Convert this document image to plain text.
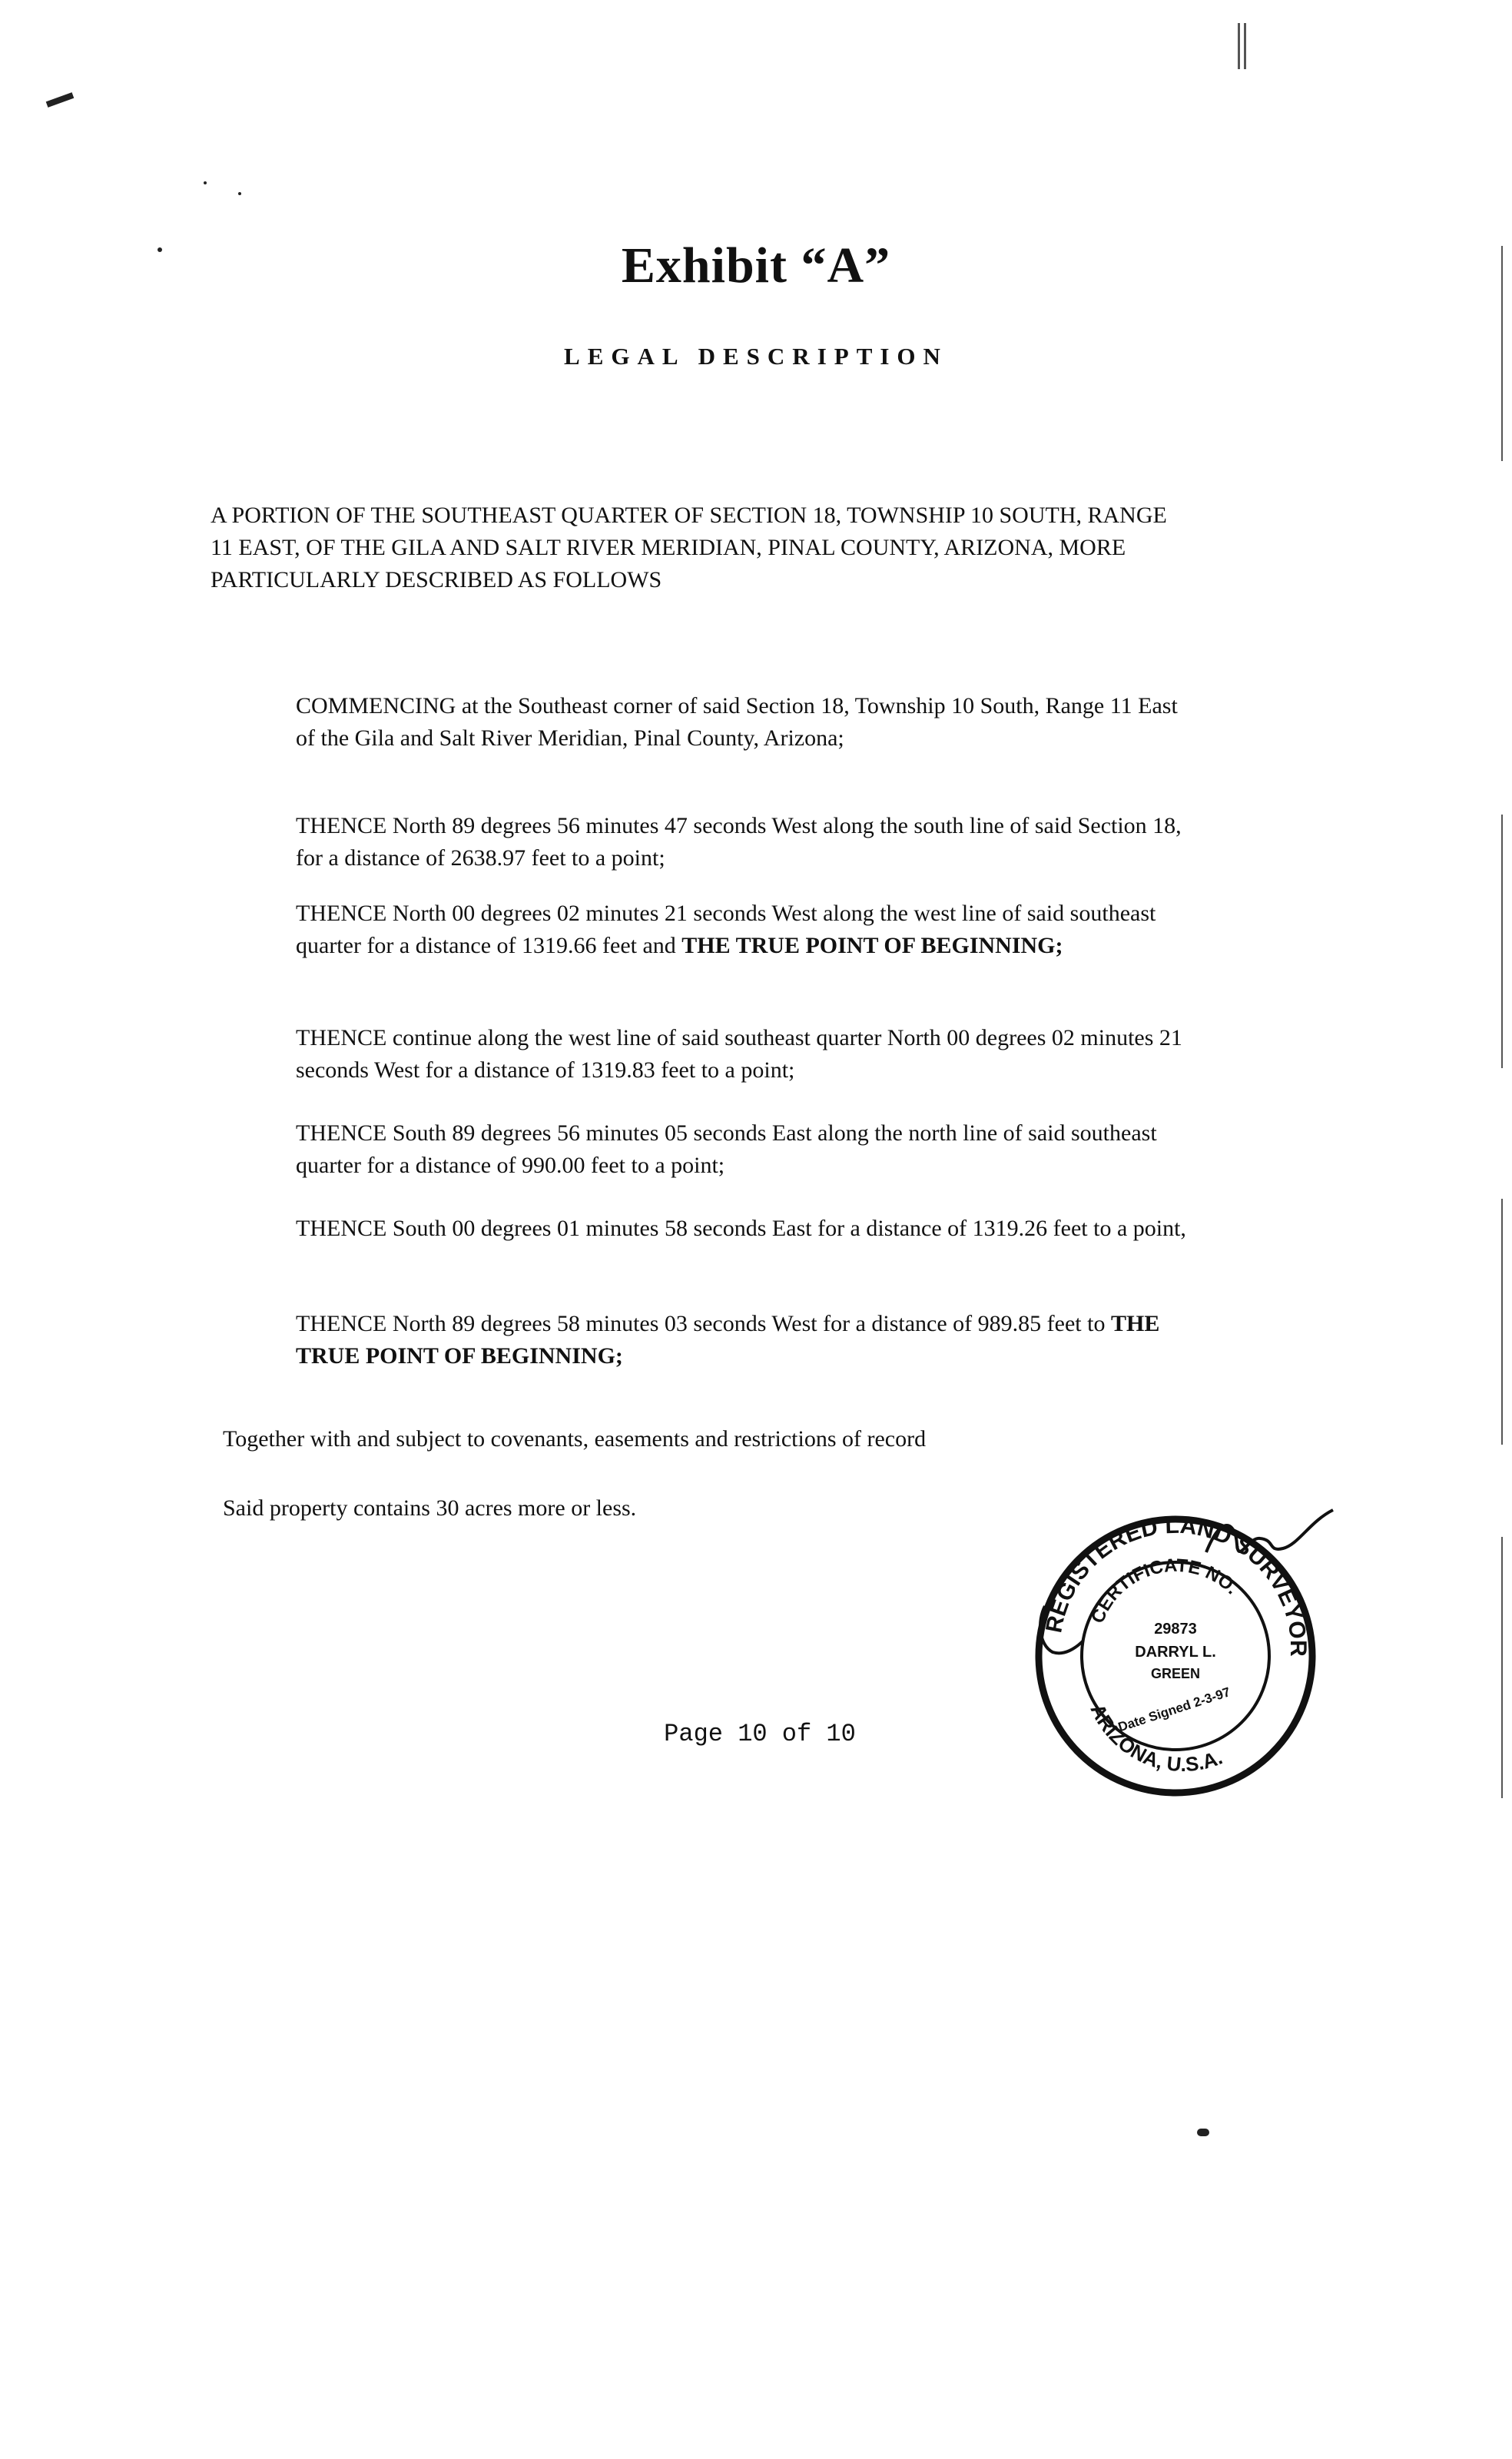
Exhibit “A”
LEGAL DESCRIPTION
A PORTION OF THE SOUTHEAST QUARTER OF SECTION 18, TOWNSHIP 10 SOUTH, RANGE 11 EAST, OF THE GILA AND SALT RIVER MERIDIAN, PINAL COUNTY, ARIZONA, MORE PARTICULARLY DESCRIBED AS FOLLOWS

COMMENCING at the Southeast corner of said Section 18, Township 10 South, Range 11 East of the Gila and Salt River Meridian, Pinal County, Arizona;

THENCE North 89 degrees 56 minutes 47 seconds West along the south line of said Section 18, for a distance of 2638.97 feet to a point;

THENCE North 00 degrees 02 minutes 21 seconds West along the west line of said southeast quarter for a distance of 1319.66 feet and THE TRUE POINT OF BEGINNING;

THENCE continue along the west line of said southeast quarter North 00 degrees 02 minutes 21 seconds West for a distance of 1319.83 feet to a point;

THENCE South 89 degrees 56 minutes 05 seconds East along the north line of said southeast quarter for a distance of 990.00 feet to a point;

THENCE South 00 degrees 01 minutes 58 seconds East for a distance of 1319.26 feet to a point,

THENCE North 89 degrees 58 minutes 03 seconds West for a distance of 989.85 feet to THE TRUE POINT OF BEGINNING;

Together with and subject to covenants, easements and restrictions of record
Said property contains 30 acres more or less.
REGISTERED LAND SURVEYOR
CERTIFICATE NO.
ARIZONA, U.S.A.
29873
DARRYL L.
GREEN
Date Signed 2-3-97
Page 10 of 10
